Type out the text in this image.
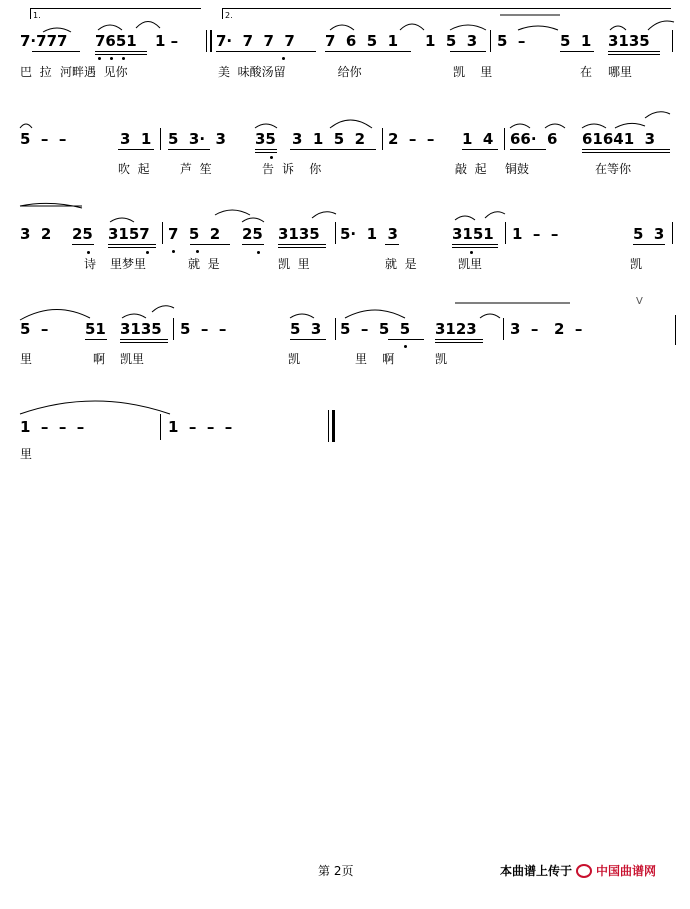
1.	2.
7·777 7651 1 –	7·  7  7  7 7  6  5  1 1  5  3 5  – 5  1 3135
巴  拉 河畔遇  见你	美  味酸汤留	给你	凯    里	在 哪里
5  –  –	3  1 5  3·  3 35 3  1  5  2 2  –  – 1  4 66·  6 61641  3
吹  起	芦  笙	告 诉    你	敲  起 铜鼓	在等你
3  2 25 3157 7  5  2 25 3135 5·  1  3	3151 1  –  –	5  3
诗 里梦里	就  是	凯  里	就  是	凯里	凯
5  – 51 3135 5  –  –	5  3 5  –  5  5 3123 3  –   2  –
V
里	啊 凯里	凯	里    啊	凯
1  –  –  –	1  –  –  –
里
第 2页	本曲谱上传于 中国曲谱网
